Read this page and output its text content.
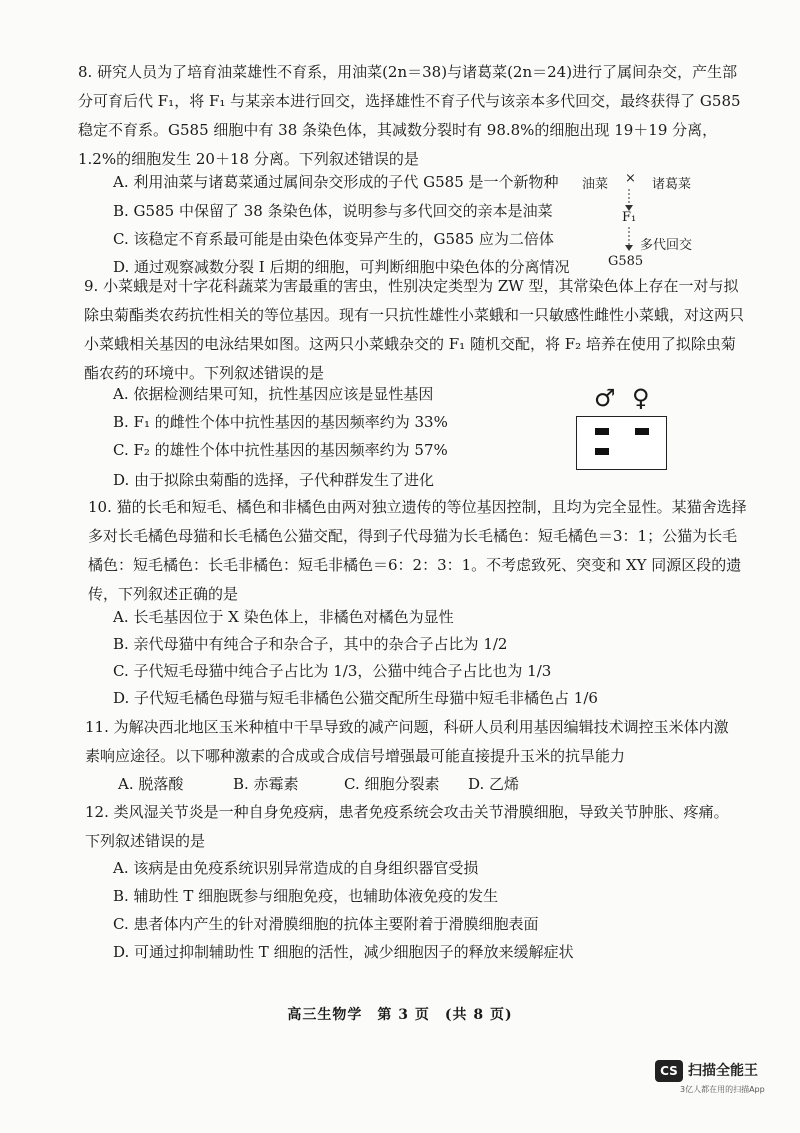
8. 研究人员为了培育油菜雄性不育系，用油菜(2n＝38)与诸葛菜(2n＝24)进行了属间杂交，产生部分可育后代 F₁，将 F₁ 与某亲本进行回交，选择雄性不育子代与该亲本多代回交，最终获得了 G585 稳定不育系。G585 细胞中有 38 条染色体，其减数分裂时有 98.8%的细胞出现 19＋19 分离，1.2%的细胞发生 20＋18 分离。下列叙述错误的是
A. 利用油菜与诸葛菜通过属间杂交形成的子代 G585 是一个新物种
B. G585 中保留了 38 条染色体，说明参与多代回交的亲本是油菜
C. 该稳定不育系最可能是由染色体变异产生的，G585 应为二倍体
D. 通过观察减数分裂 I 后期的细胞，可判断细胞中染色体的分离情况
油菜 × 诸葛菜
F₁
多代回交
G585
9. 小菜蛾是对十字花科蔬菜为害最重的害虫，性别决定类型为 ZW 型，其常染色体上存在一对与拟除虫菊酯类农药抗性相关的等位基因。现有一只抗性雄性小菜蛾和一只敏感性雌性小菜蛾，对这两只小菜蛾相关基因的电泳结果如图。这两只小菜蛾杂交的 F₁ 随机交配，将 F₂ 培养在使用了拟除虫菊酯农药的环境中。下列叙述错误的是
A. 依据检测结果可知，抗性基因应该是显性基因
B. F₁ 的雌性个体中抗性基因的基因频率约为 33%
C. F₂ 的雄性个体中抗性基因的基因频率约为 57%
D. 由于拟除虫菊酯的选择，子代种群发生了进化
♂ ♀
10. 猫的长毛和短毛、橘色和非橘色由两对独立遗传的等位基因控制，且均为完全显性。某猫舍选择多对长毛橘色母猫和长毛橘色公猫交配，得到子代母猫为长毛橘色：短毛橘色＝3：1；公猫为长毛橘色：短毛橘色：长毛非橘色：短毛非橘色＝6：2：3：1。不考虑致死、突变和 XY 同源区段的遗传，下列叙述正确的是
A. 长毛基因位于 X 染色体上，非橘色对橘色为显性
B. 亲代母猫中有纯合子和杂合子，其中的杂合子占比为 1/2
C. 子代短毛母猫中纯合子占比为 1/3，公猫中纯合子占比也为 1/3
D. 子代短毛橘色母猫与短毛非橘色公猫交配所生母猫中短毛非橘色占 1/6
11. 为解决西北地区玉米种植中干旱导致的减产问题，科研人员利用基因编辑技术调控玉米体内激素响应途径。以下哪种激素的合成或合成信号增强最可能直接提升玉米的抗旱能力
A. 脱落酸	B. 赤霉素	C. 细胞分裂素 D. 乙烯
12. 类风湿关节炎是一种自身免疫病，患者免疫系统会攻击关节滑膜细胞，导致关节肿胀、疼痛。下列叙述错误的是
A. 该病是由免疫系统识别异常造成的自身组织器官受损
B. 辅助性 T 细胞既参与细胞免疫，也辅助体液免疫的发生
C. 患者体内产生的针对滑膜细胞的抗体主要附着于滑膜细胞表面
D. 可通过抑制辅助性 T 细胞的活性，减少细胞因子的释放来缓解症状
高三生物学　第 3 页　(共 8 页)
CS 扫描全能王
3亿人都在用的扫描App
